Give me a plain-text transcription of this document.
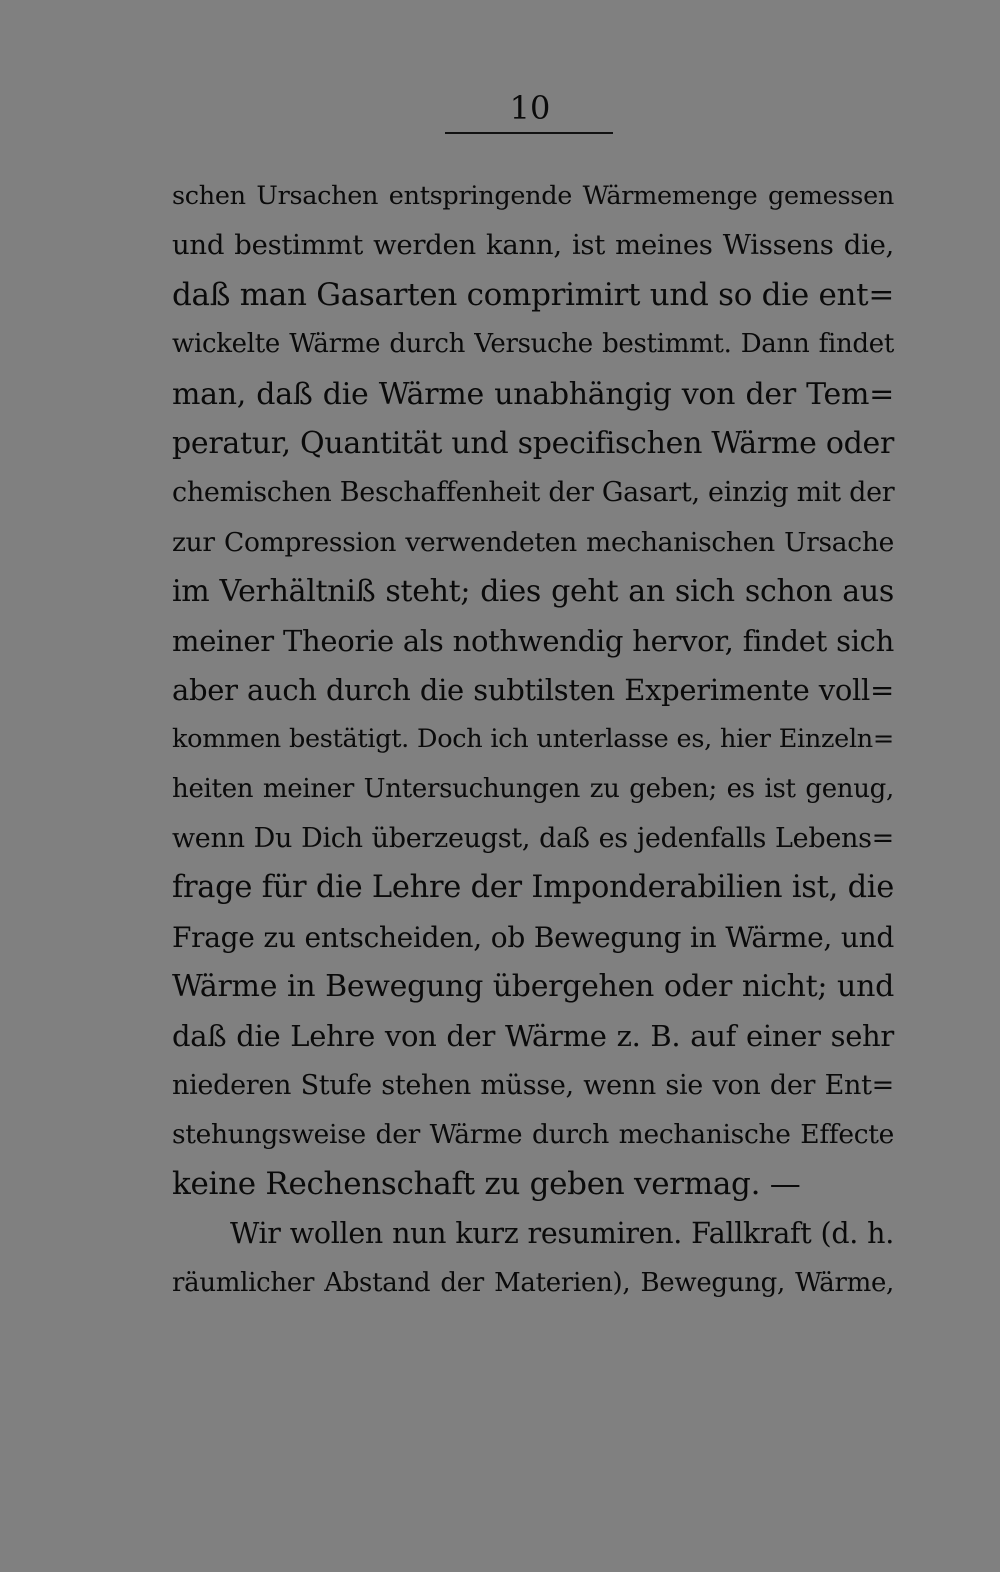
10
schen Ursachen entspringende Wärmemenge gemessen
und bestimmt werden kann, ist meines Wissens die,
daß man Gasarten comprimirt und so die ent=
wickelte Wärme durch Versuche bestimmt. Dann findet
man, daß die Wärme unabhängig von der Tem=
peratur, Quantität und specifischen Wärme oder
chemischen Beschaffenheit der Gasart, einzig mit der
zur Compression verwendeten mechanischen Ursache
im Verhältniß steht; dies geht an sich schon aus
meiner Theorie als nothwendig hervor, findet sich
aber auch durch die subtilsten Experimente voll=
kommen bestätigt. Doch ich unterlasse es, hier Einzeln=
heiten meiner Untersuchungen zu geben; es ist genug,
wenn Du Dich überzeugst, daß es jedenfalls Lebens=
frage für die Lehre der Imponderabilien ist, die
Frage zu entscheiden, ob Bewegung in Wärme, und
Wärme in Bewegung übergehen oder nicht; und
daß die Lehre von der Wärme z. B. auf einer sehr
niederen Stufe stehen müsse, wenn sie von der Ent=
stehungsweise der Wärme durch mechanische Effecte
keine Rechenschaft zu geben vermag. —
Wir wollen nun kurz resumiren. Fallkraft (d. h.
räumlicher Abstand der Materien), Bewegung, Wärme,
